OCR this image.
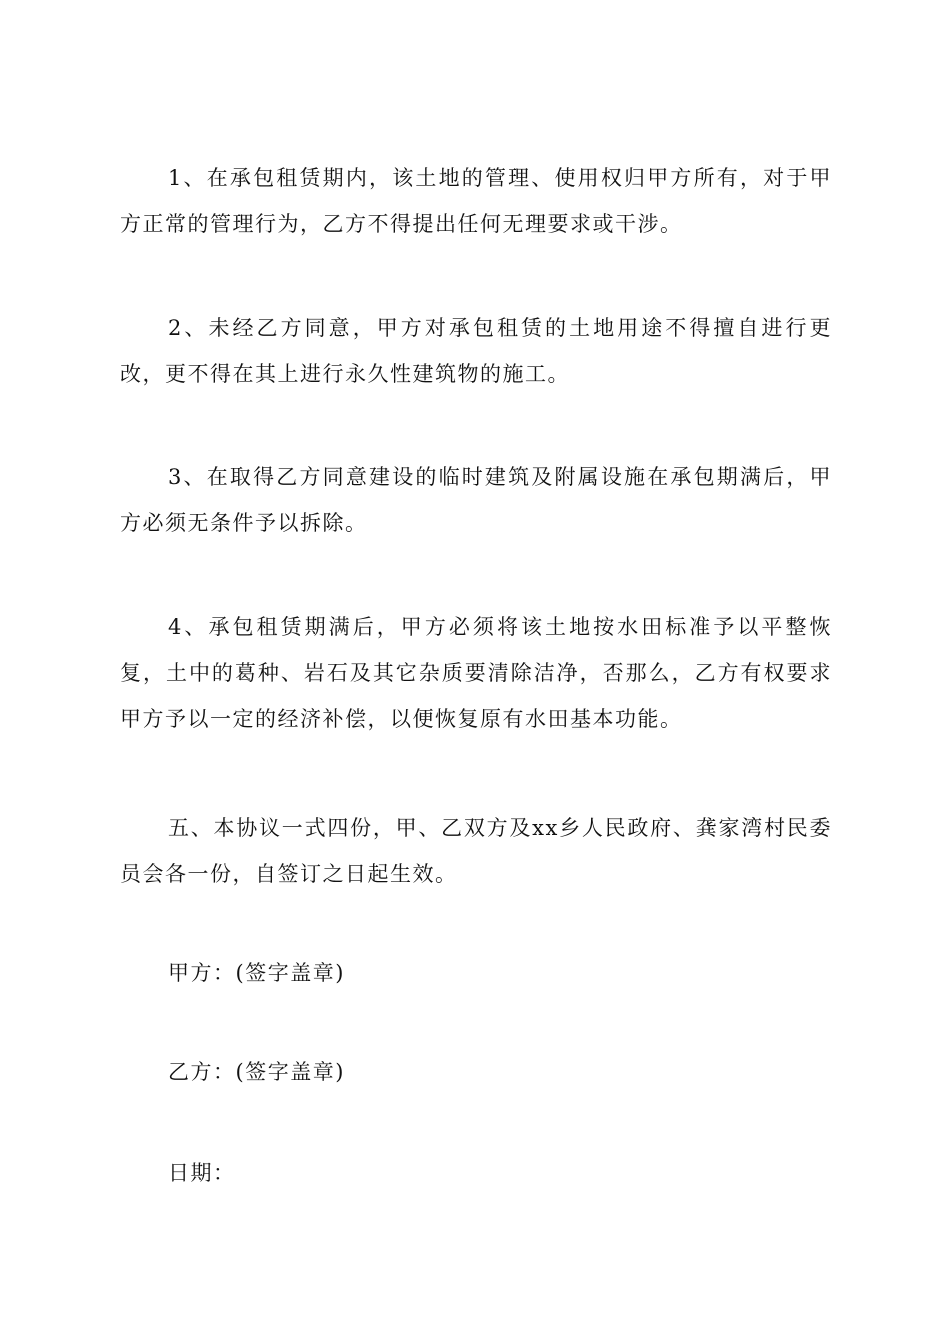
1、在承包租赁期内，该土地的管理、使用权归甲方所有，对于甲方正常的管理行为，乙方不得提出任何无理要求或干涉。

2、未经乙方同意，甲方对承包租赁的土地用途不得擅自进行更改，更不得在其上进行永久性建筑物的施工。

3、在取得乙方同意建设的临时建筑及附属设施在承包期满后，甲方必须无条件予以拆除。

4、承包租赁期满后，甲方必须将该土地按水田标准予以平整恢复，土中的葛种、岩石及其它杂质要清除洁净，否那么，乙方有权要求甲方予以一定的经济补偿，以便恢复原有水田基本功能。

五、本协议一式四份，甲、乙双方及xx乡人民政府、龚家湾村民委员会各一份，自签订之日起生效。

甲方：(签字盖章)

乙方：(签字盖章)

日期：
